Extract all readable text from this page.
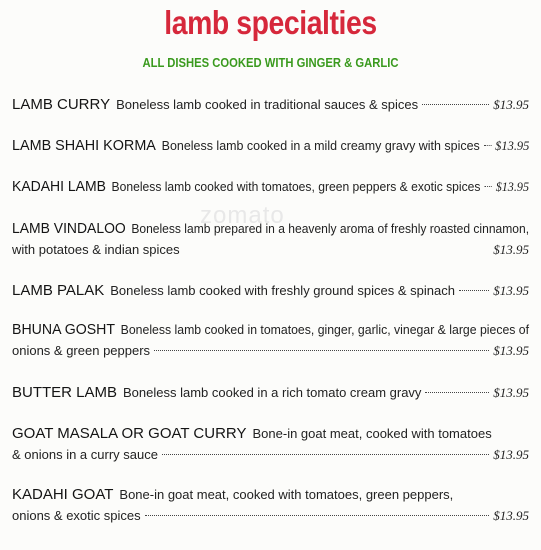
lamb specialties
ALL DISHES COOKED WITH GINGER & GARLIC
zomato
LAMB CURRY Boneless lamb cooked in traditional sauces & spices	$13.95
LAMB SHAHI KORMA Boneless lamb cooked in a mild creamy gravy with spices $13.95
KADAHI LAMB Boneless lamb cooked with tomatoes, green peppers & exotic spices $13.95
LAMB VINDALOO Boneless lamb prepared in a heavenly aroma of freshly roasted cinnamon,
with potatoes & indian spices	$13.95
LAMB PALAK Boneless lamb cooked with freshly ground spices & spinach	$13.95
BHUNA GOSHT Boneless lamb cooked in tomatoes, ginger, garlic, vinegar & large pieces of
onions & green peppers	$13.95
BUTTER LAMB Boneless lamb cooked in a rich tomato cream gravy	$13.95
GOAT MASALA OR GOAT CURRY Bone-in goat meat, cooked with tomatoes
& onions in a curry sauce	$13.95
KADAHI GOAT Bone-in goat meat, cooked with tomatoes, green peppers,
onions & exotic spices	$13.95
